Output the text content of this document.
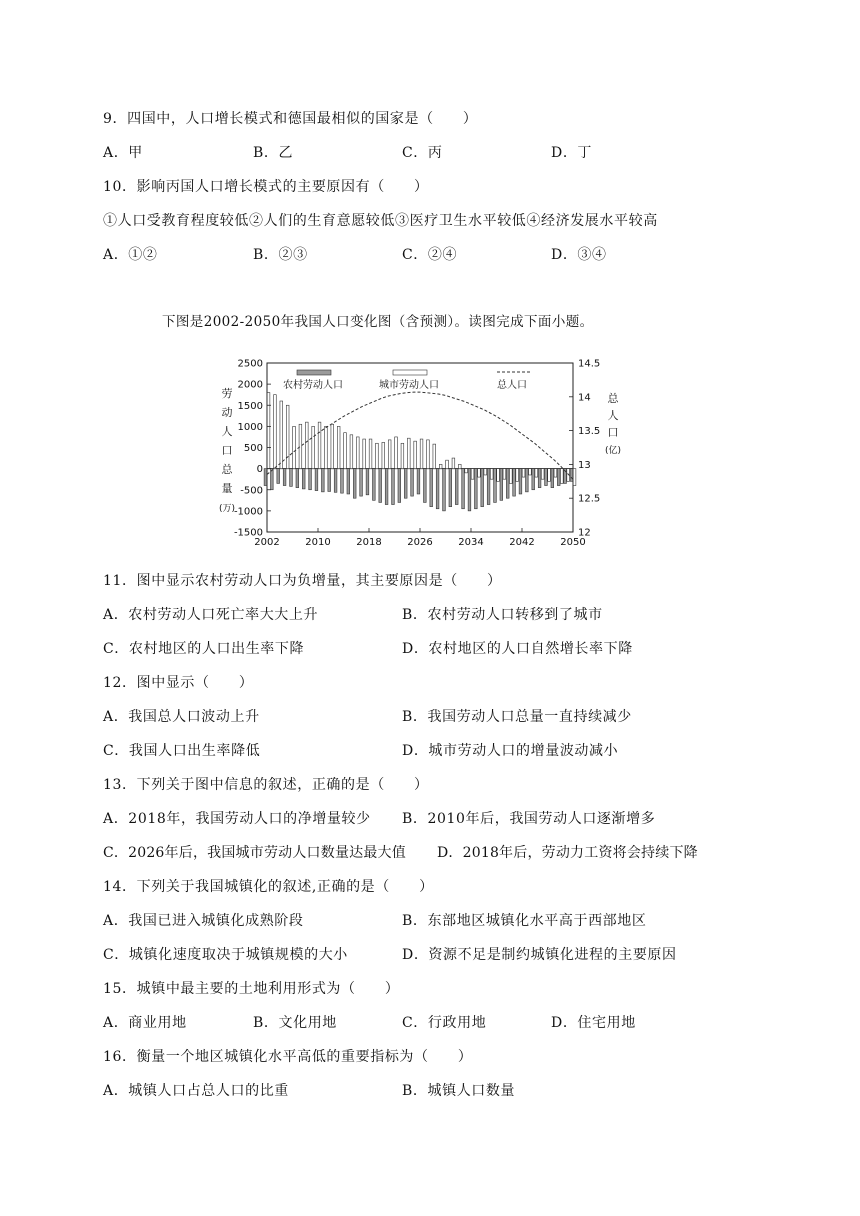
9．四国中，人口增长模式和德国最相似的国家是（　　）
A．甲	B．乙	C．丙	D．丁
10．影响丙国人口增长模式的主要原因有（　　）
①人口受教育程度较低②人们的生育意愿较低③医疗卫生水平较低④经济发展水平较高
A．①②	B．②③	C．②④	D．③④
下图是2002-2050年我国人口变化图（含预测）。读图完成下面小题。
2500
2000
1500
1000
500
0
-500
-1000
-1500
14.5
14
13.5
13
12.5
12
2002	2010	2018	2026	2034	2042	2050
劳
动
人
口
总
量
(万)
总
人
口
(亿)
农村劳动人口	城市劳动人口	总人口
11．图中显示农村劳动人口为负增量，其主要原因是（　　）
A．农村劳动人口死亡率大大上升	B．农村劳动人口转移到了城市
C．农村地区的人口出生率下降	D．农村地区的人口自然增长率下降
12．图中显示（　　）
A．我国总人口波动上升	B．我国劳动人口总量一直持续减少
C．我国人口出生率降低	D．城市劳动人口的增量波动减小
13．下列关于图中信息的叙述，正确的是（　　）
A．2018年，我国劳动人口的净增量较少 B．2010年后，我国劳动人口逐渐增多
C．2026年后，我国城市劳动人口数量达最大值 D．2018年后，劳动力工资将会持续下降
14．下列关于我国城镇化的叙述,正确的是（　　）
A．我国已进入城镇化成熟阶段	B．东部地区城镇化水平高于西部地区
C．城镇化速度取决于城镇规模的大小	D．资源不足是制约城镇化进程的主要原因
15．城镇中最主要的土地利用形式为（　　）
A．商业用地	B．文化用地	C．行政用地	D．住宅用地
16．衡量一个地区城镇化水平高低的重要指标为（　　）
A．城镇人口占总人口的比重	B．城镇人口数量
